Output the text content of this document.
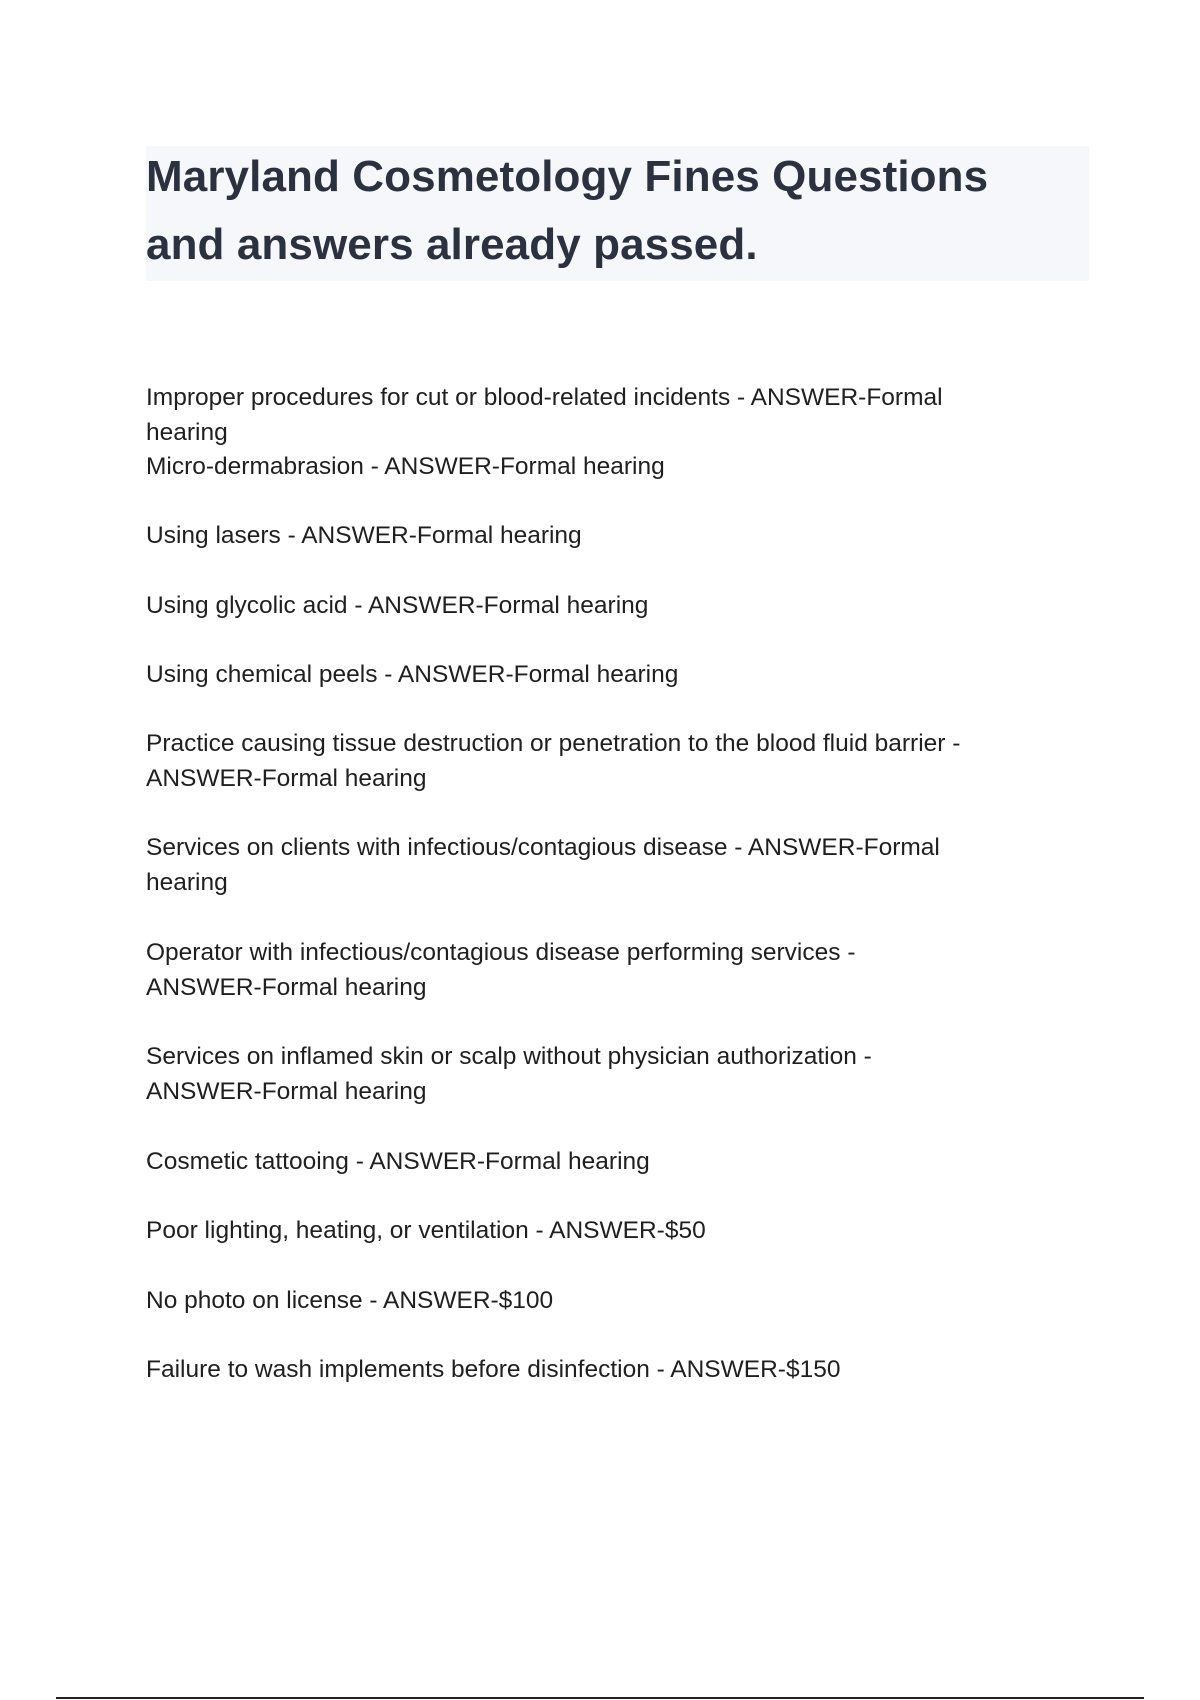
Maryland Cosmetology Fines Questions and answers already passed.
Improper procedures for cut or blood-related incidents - ANSWER-Formal
hearing
Micro-dermabrasion - ANSWER-Formal hearing
Using lasers - ANSWER-Formal hearing
Using glycolic acid - ANSWER-Formal hearing
Using chemical peels - ANSWER-Formal hearing
Practice causing tissue destruction or penetration to the blood fluid barrier -
ANSWER-Formal hearing
Services on clients with infectious/contagious disease - ANSWER-Formal
hearing
Operator with infectious/contagious disease performing services -
ANSWER-Formal hearing
Services on inflamed skin or scalp without physician authorization -
ANSWER-Formal hearing
Cosmetic tattooing - ANSWER-Formal hearing
Poor lighting, heating, or ventilation - ANSWER-$50
No photo on license - ANSWER-$100
Failure to wash implements before disinfection - ANSWER-$150
